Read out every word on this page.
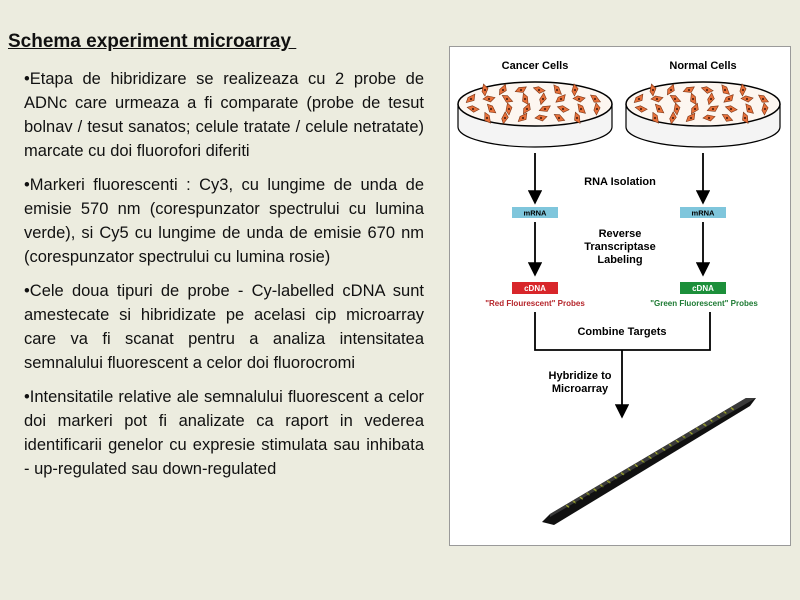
Schema experiment microarray
•Etapa de hibridizare se realizeaza cu 2 probe de ADNc care urmeaza a fi comparate (probe de tesut bolnav / tesut sanatos; celule tratate / celule netratate) marcate cu doi fluorofori diferiti
•Markeri fluorescenti : Cy3, cu lungime de unda de emisie 570 nm (corespunzator spectrului cu lumina verde), si Cy5 cu lungime de unda de emisie 670 nm (corespunzator spectrului cu lumina rosie)
•Cele doua tipuri de probe - Cy-labelled cDNA sunt amestecate si hibridizate pe acelasi cip microarray care va fi scanat pentru a analiza intensitatea semnalului fluorescent a celor doi fluorocromi
•Intensitatile relative ale semnalului fluorescent a celor doi markeri pot fi analizate ca raport in vederea identificarii genelor cu expresie stimulata sau inhibata - up-regulated sau down-regulated
Cancer Cells	Normal Cells
RNA Isolation
mRNA	mRNA
Reverse
Transcriptase
Labeling
cDNA	cDNA
"Red Flourescent" Probes	"Green Fluorescent" Probes
Combine Targets
Hybridize to
Microarray
